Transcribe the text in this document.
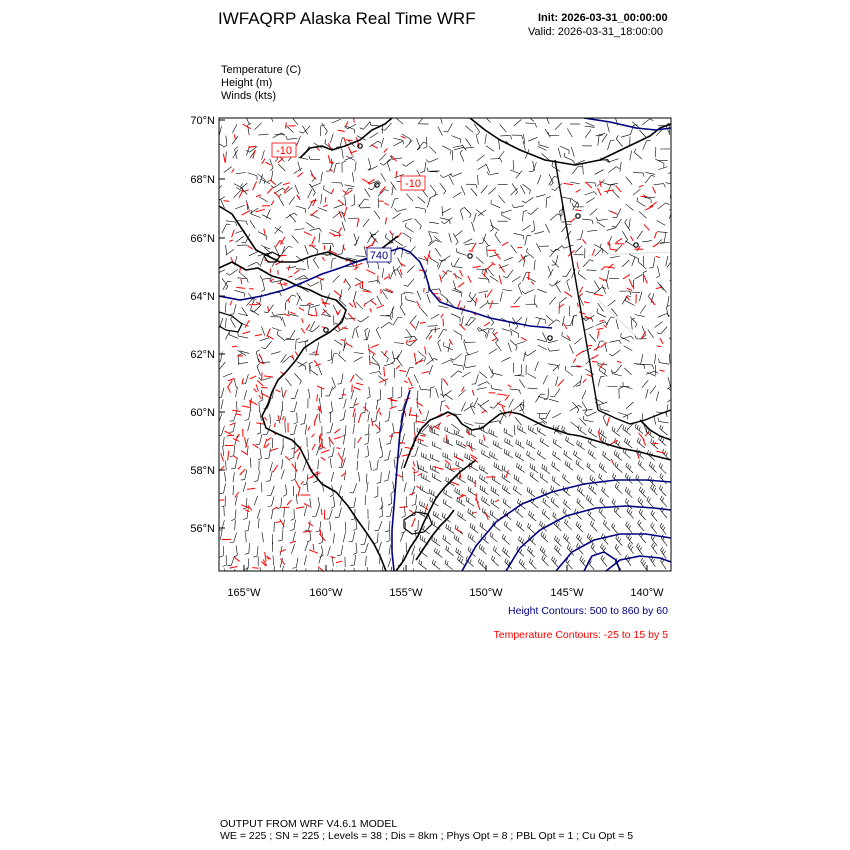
IWFAQRP Alaska Real Time WRF	Init: 2026-03-31_00:00:00
Valid: 2026-03-31_18:00:00
Temperature (C)
Height (m)
Winds (kts)
740
-10
-10
70°N
68°N
66°N
64°N
62°N
60°N
58°N
56°N
165°W	160°W	155°W	150°W	145°W	140°W
Height Contours: 500 to 860 by 60
Temperature Contours: -25 to 15 by 5
OUTPUT FROM WRF V4.6.1 MODEL
WE = 225 ; SN = 225 ; Levels = 38 ; Dis = 8km ; Phys Opt = 8 ; PBL Opt = 1 ; Cu Opt = 5
